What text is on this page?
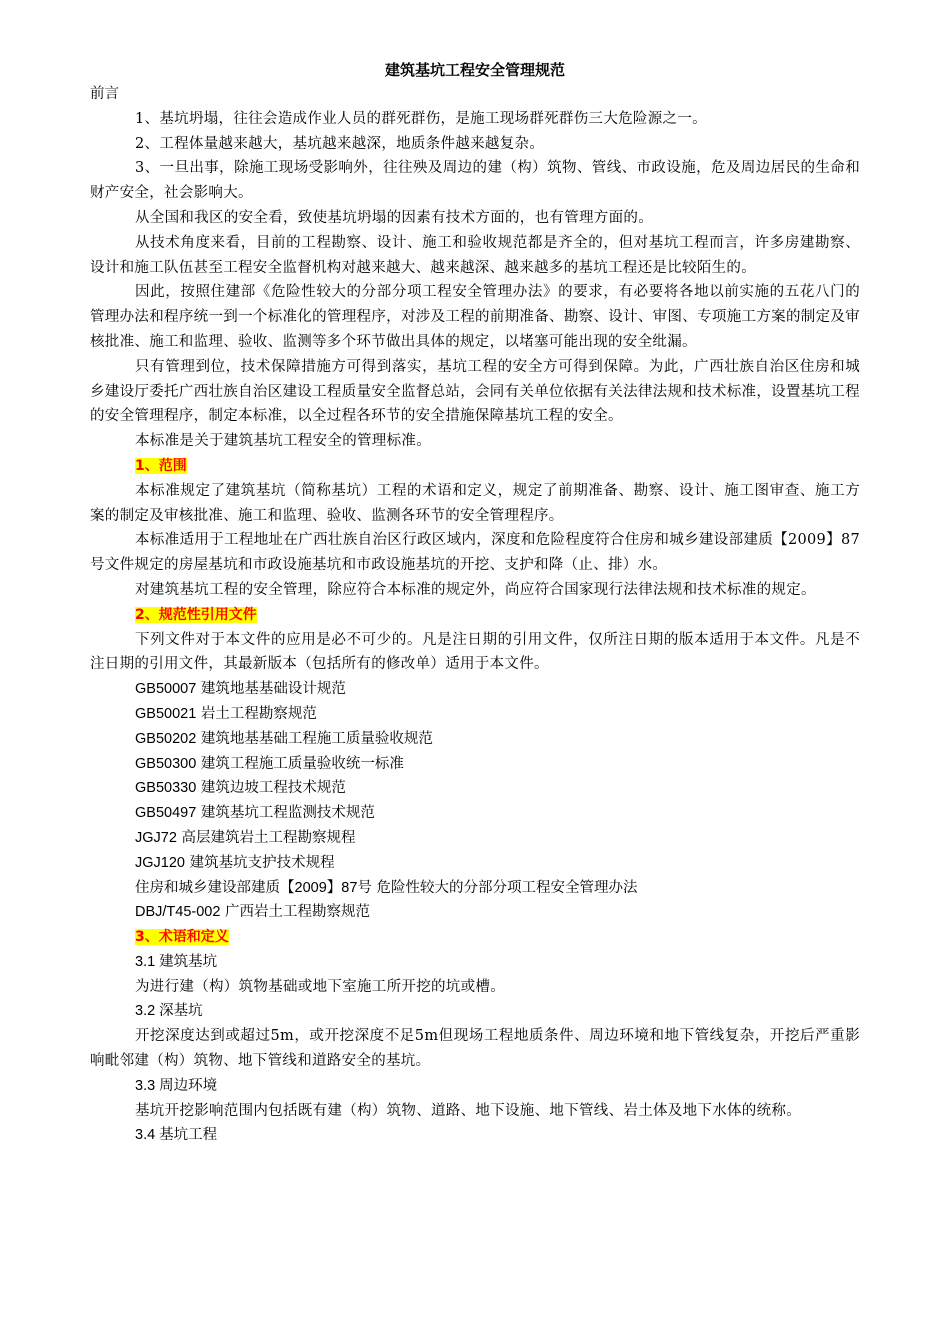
建筑基坑工程安全管理规范

前言

1、基坑坍塌，往往会造成作业人员的群死群伤，是施工现场群死群伤三大危险源之一。

2、工程体量越来越大，基坑越来越深，地质条件越来越复杂。

3、一旦出事，除施工现场受影响外，往往殃及周边的建（构）筑物、管线、市政设施，危及周边居民的生命和财产安全，社会影响大。

从全国和我区的安全看，致使基坑坍塌的因素有技术方面的，也有管理方面的。

从技术角度来看，目前的工程勘察、设计、施工和验收规范都是齐全的，但对基坑工程而言，许多房建勘察、设计和施工队伍甚至工程安全监督机构对越来越大、越来越深、越来越多的基坑工程还是比较陌生的。

因此，按照住建部《危险性较大的分部分项工程安全管理办法》的要求，有必要将各地以前实施的五花八门的管理办法和程序统一到一个标准化的管理程序，对涉及工程的前期准备、勘察、设计、审图、专项施工方案的制定及审核批准、施工和监理、验收、监测等多个环节做出具体的规定，以堵塞可能出现的安全纰漏。

只有管理到位，技术保障措施方可得到落实，基坑工程的安全方可得到保障。为此，广西壮族自治区住房和城乡建设厅委托广西壮族自治区建设工程质量安全监督总站，会同有关单位依据有关法律法规和技术标准，设置基坑工程的安全管理程序，制定本标准，以全过程各环节的安全措施保障基坑工程的安全。

本标准是关于建筑基坑工程安全的管理标准。

1、范围

本标准规定了建筑基坑（简称基坑）工程的术语和定义，规定了前期准备、勘察、设计、施工图审查、施工方案的制定及审核批准、施工和监理、验收、监测各环节的安全管理程序。

本标准适用于工程地址在广西壮族自治区行政区域内，深度和危险程度符合住房和城乡建设部建质【2009】87号文件规定的房屋基坑和市政设施基坑和市政设施基坑的开挖、支护和降（止、排）水。

对建筑基坑工程的安全管理，除应符合本标准的规定外，尚应符合国家现行法律法规和技术标准的规定。

2、规范性引用文件

下列文件对于本文件的应用是必不可少的。凡是注日期的引用文件，仅所注日期的版本适用于本文件。凡是不注日期的引用文件，其最新版本（包括所有的修改单）适用于本文件。

GB50007 建筑地基基础设计规范

GB50021 岩土工程勘察规范

GB50202 建筑地基基础工程施工质量验收规范

GB50300 建筑工程施工质量验收统一标准

GB50330 建筑边坡工程技术规范

GB50497 建筑基坑工程监测技术规范

JGJ72 高层建筑岩土工程勘察规程

JGJ120 建筑基坑支护技术规程

住房和城乡建设部建质【2009】87号 危险性较大的分部分项工程安全管理办法

DBJ/T45-002 广西岩土工程勘察规范

3、术语和定义

3.1 建筑基坑

为进行建（构）筑物基础或地下室施工所开挖的坑或槽。

3.2 深基坑

开挖深度达到或超过5m，或开挖深度不足5m但现场工程地质条件、周边环境和地下管线复杂，开挖后严重影响毗邻建（构）筑物、地下管线和道路安全的基坑。

3.3 周边环境

基坑开挖影响范围内包括既有建（构）筑物、道路、地下设施、地下管线、岩土体及地下水体的统称。

3.4 基坑工程
